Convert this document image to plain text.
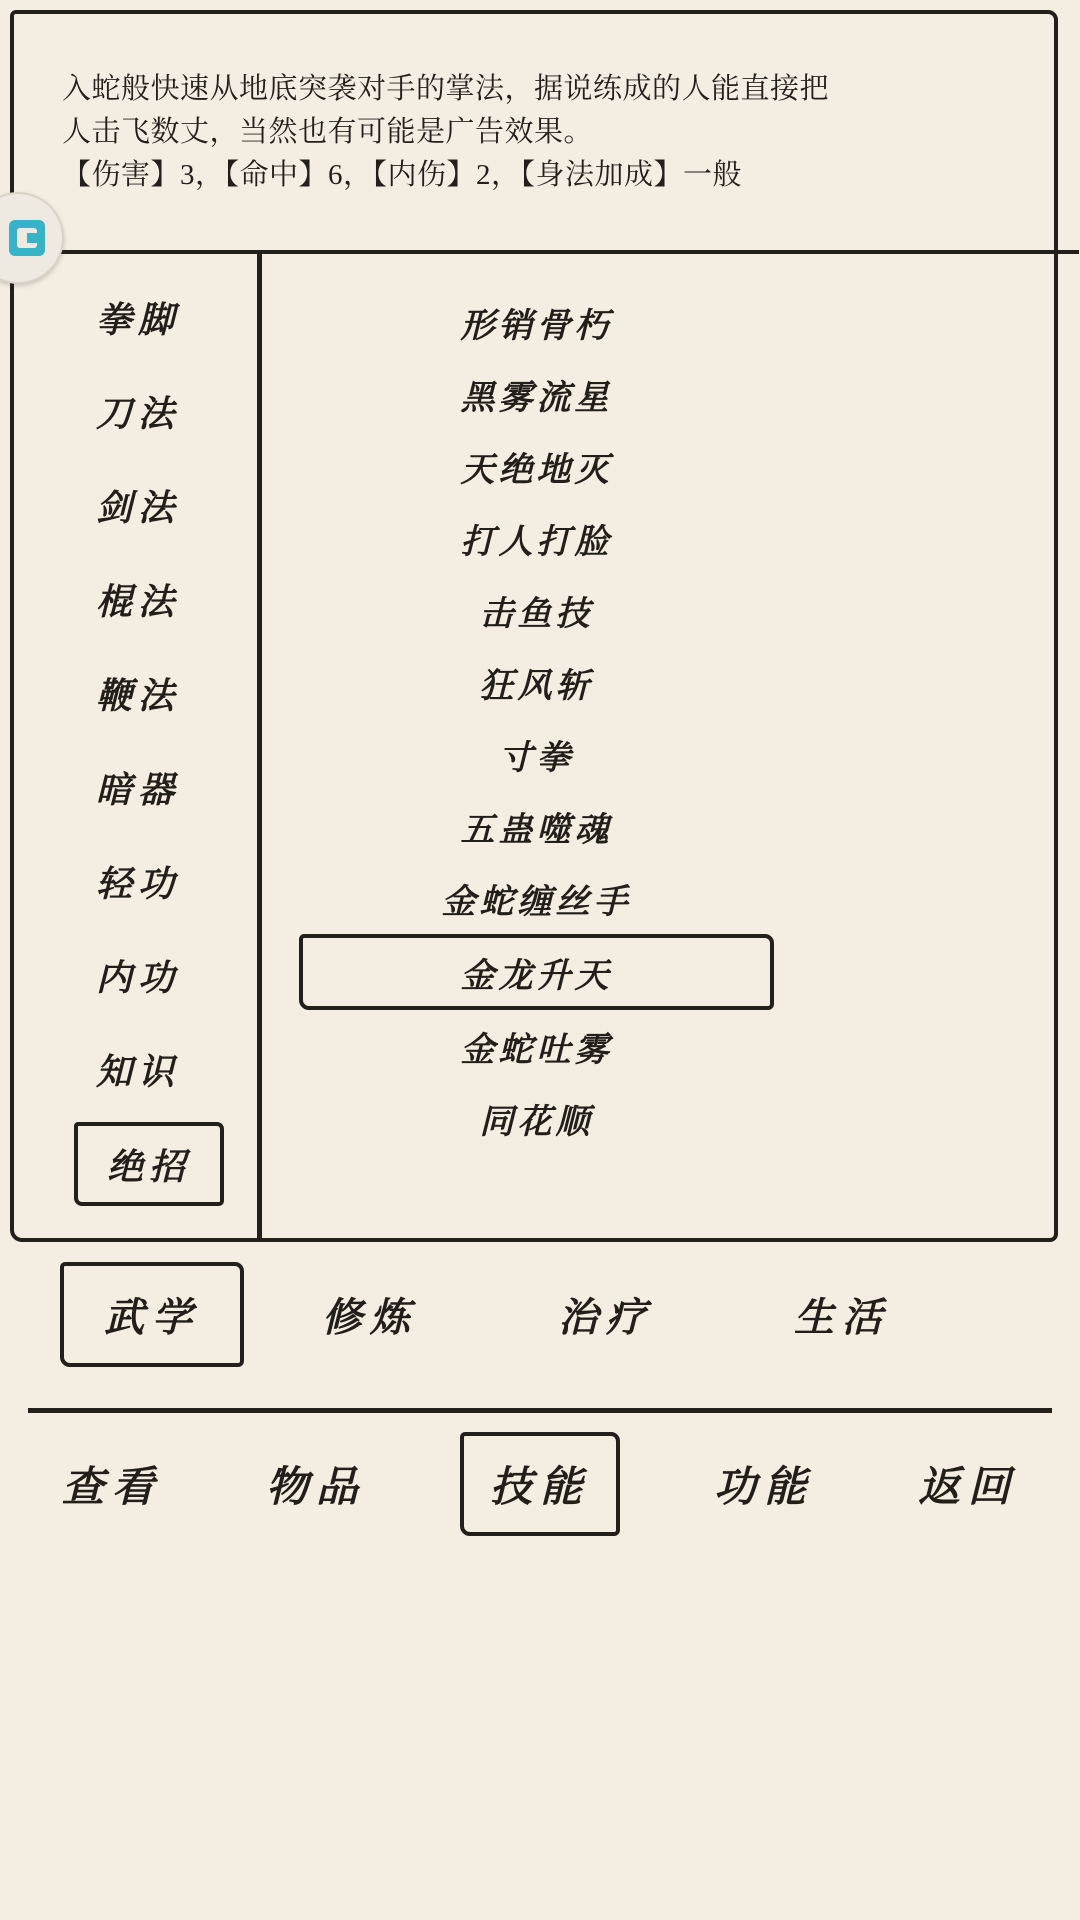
入蛇般快速从地底突袭对手的掌法，据说练成的人能直接把
人击飞数丈，当然也有可能是广告效果。
【伤害】3，【命中】6，【内伤】2，【身法加成】一般
拳脚
刀法
剑法
棍法
鞭法
暗器
轻功
内功
知识
绝招
形销骨朽
黑雾流星
天绝地灭
打人打脸
击鱼技
狂风斩
寸拳
五蛊噬魂
金蛇缠丝手
金龙升天
金蛇吐雾
同花顺
武学	修炼	治疗	生活
查看 物品	技能	功能 返回
